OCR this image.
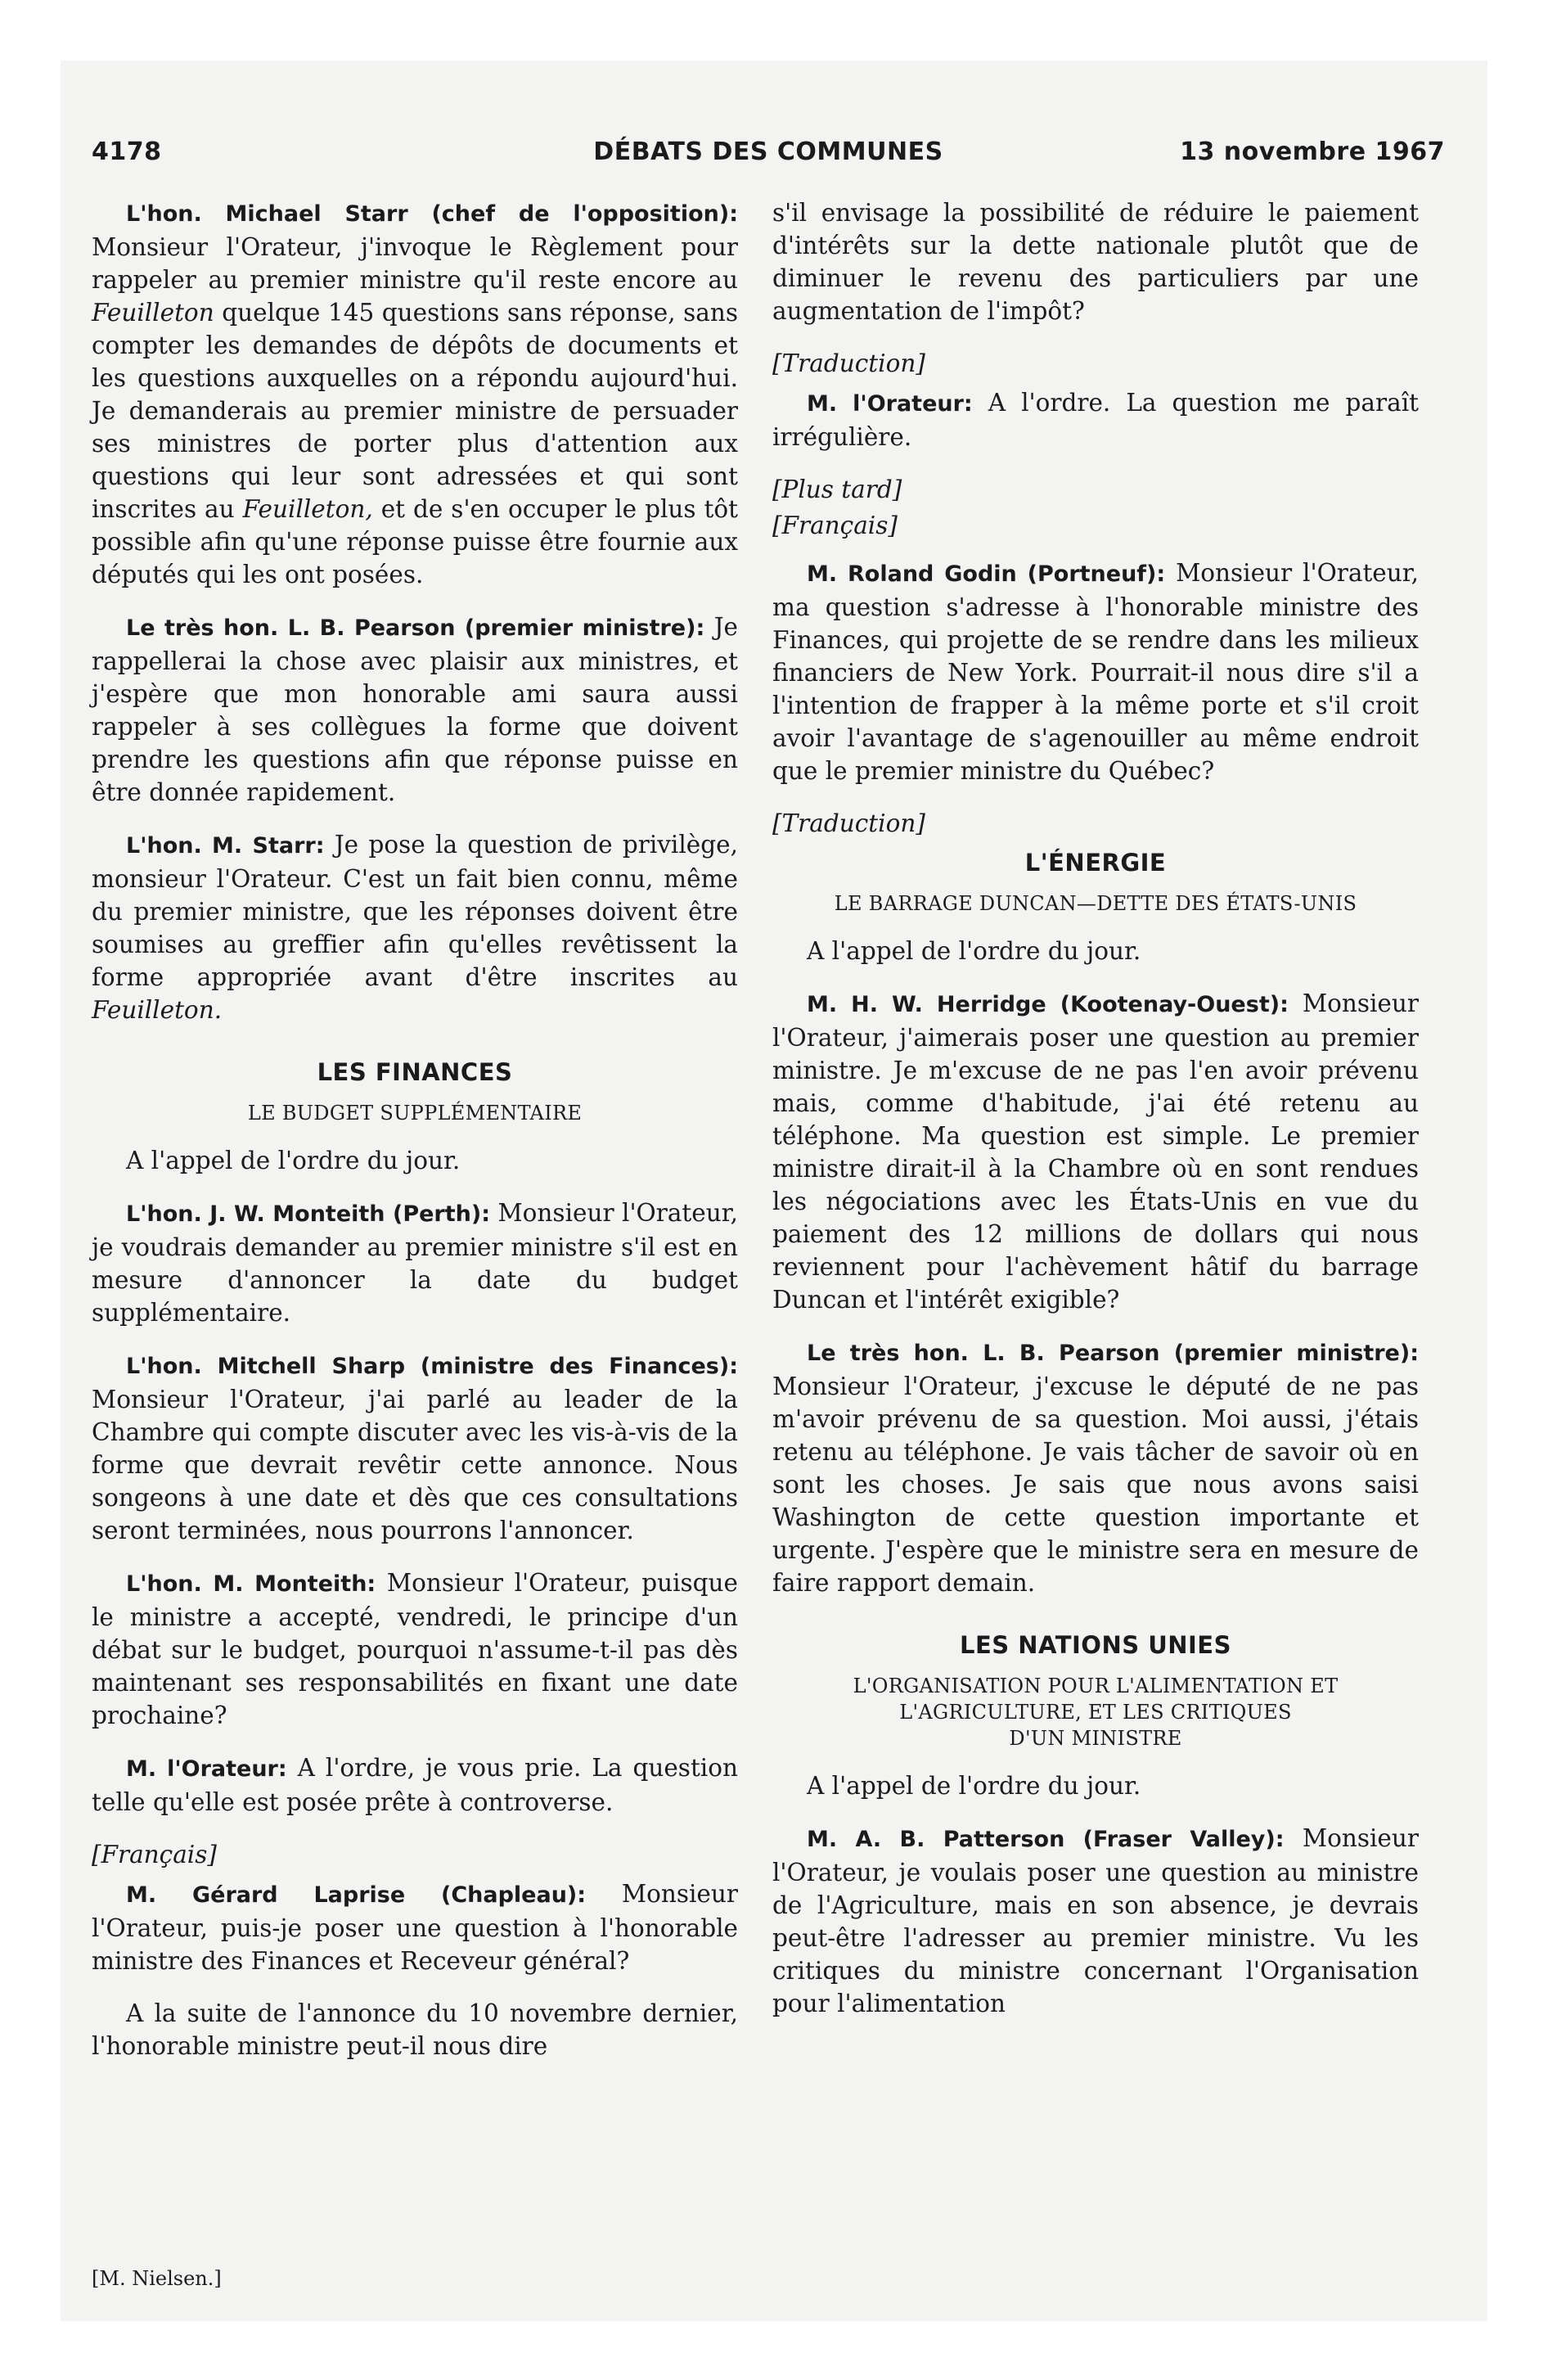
4178	DÉBATS DES COMMUNES	13 novembre 1967

L'hon. Michael Starr (chef de l'opposition): Monsieur l'Orateur, j'invoque le Règlement pour rappeler au premier ministre qu'il reste encore au Feuilleton quelque 145 questions sans réponse, sans compter les demandes de dépôts de documents et les questions auxquelles on a répondu aujourd'hui. Je demanderais au premier ministre de persuader ses ministres de porter plus d'attention aux questions qui leur sont adressées et qui sont inscrites au Feuilleton, et de s'en occuper le plus tôt possible afin qu'une réponse puisse être fournie aux députés qui les ont posées.

Le très hon. L. B. Pearson (premier ministre): Je rappellerai la chose avec plaisir aux ministres, et j'espère que mon honorable ami saura aussi rappeler à ses collègues la forme que doivent prendre les questions afin que réponse puisse en être donnée rapidement.

L'hon. M. Starr: Je pose la question de privilège, monsieur l'Orateur. C'est un fait bien connu, même du premier ministre, que les réponses doivent être soumises au greffier afin qu'elles revêtissent la forme appropriée avant d'être inscrites au Feuilleton.

LES FINANCES
LE BUDGET SUPPLÉMENTAIRE

A l'appel de l'ordre du jour.

L'hon. J. W. Monteith (Perth): Monsieur l'Orateur, je voudrais demander au premier ministre s'il est en mesure d'annoncer la date du budget supplémentaire.

L'hon. Mitchell Sharp (ministre des Finances): Monsieur l'Orateur, j'ai parlé au leader de la Chambre qui compte discuter avec les vis-à-vis de la forme que devrait revêtir cette annonce. Nous songeons à une date et dès que ces consultations seront terminées, nous pourrons l'annoncer.

L'hon. M. Monteith: Monsieur l'Orateur, puisque le ministre a accepté, vendredi, le principe d'un débat sur le budget, pourquoi n'assume-t-il pas dès maintenant ses responsabilités en fixant une date prochaine?

M. l'Orateur: A l'ordre, je vous prie. La question telle qu'elle est posée prête à controverse.

[Français]

M. Gérard Laprise (Chapleau): Monsieur l'Orateur, puis-je poser une question à l'honorable ministre des Finances et Receveur général?

A la suite de l'annonce du 10 novembre dernier, l'honorable ministre peut-il nous dire

s'il envisage la possibilité de réduire le paiement d'intérêts sur la dette nationale plutôt que de diminuer le revenu des particuliers par une augmentation de l'impôt?

[Traduction]

M. l'Orateur: A l'ordre. La question me paraît irrégulière.

[Plus tard]
[Français]

M. Roland Godin (Portneuf): Monsieur l'Orateur, ma question s'adresse à l'honorable ministre des Finances, qui projette de se rendre dans les milieux financiers de New York. Pourrait-il nous dire s'il a l'intention de frapper à la même porte et s'il croit avoir l'avantage de s'agenouiller au même endroit que le premier ministre du Québec?

[Traduction]
L'ÉNERGIE
LE BARRAGE DUNCAN—DETTE DES ÉTATS-UNIS

A l'appel de l'ordre du jour.

M. H. W. Herridge (Kootenay-Ouest): Monsieur l'Orateur, j'aimerais poser une question au premier ministre. Je m'excuse de ne pas l'en avoir prévenu mais, comme d'habitude, j'ai été retenu au téléphone. Ma question est simple. Le premier ministre dirait-il à la Chambre où en sont rendues les négociations avec les États-Unis en vue du paiement des 12 millions de dollars qui nous reviennent pour l'achèvement hâtif du barrage Duncan et l'intérêt exigible?

Le très hon. L. B. Pearson (premier ministre): Monsieur l'Orateur, j'excuse le député de ne pas m'avoir prévenu de sa question. Moi aussi, j'étais retenu au téléphone. Je vais tâcher de savoir où en sont les choses. Je sais que nous avons saisi Washington de cette question importante et urgente. J'espère que le ministre sera en mesure de faire rapport demain.

LES NATIONS UNIES
L'ORGANISATION POUR L'ALIMENTATION ET
L'AGRICULTURE, ET LES CRITIQUES
D'UN MINISTRE

A l'appel de l'ordre du jour.

M. A. B. Patterson (Fraser Valley): Monsieur l'Orateur, je voulais poser une question au ministre de l'Agriculture, mais en son absence, je devrais peut-être l'adresser au premier ministre. Vu les critiques du ministre concernant l'Organisation pour l'alimentation

[M. Nielsen.]
